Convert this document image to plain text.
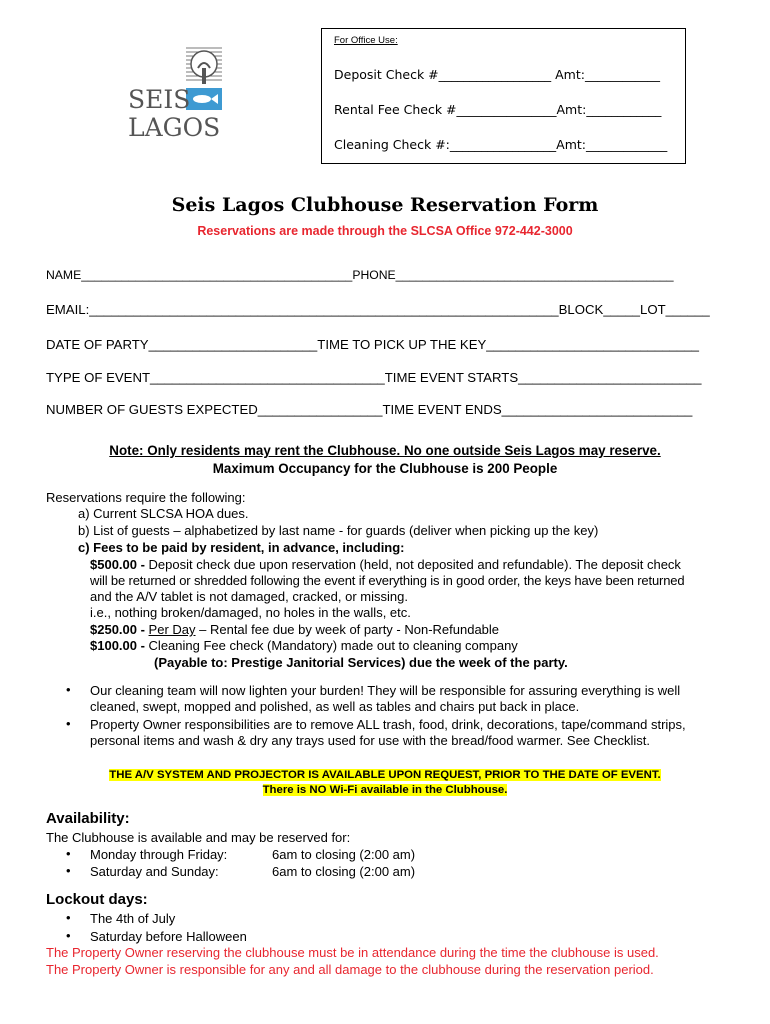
SEIS
LAGOS
For Office Use:
Deposit Check #__________________ Amt:____________
Rental Fee Check #________________Amt:____________
Cleaning Check #:_________________Amt:_____________
Seis Lagos Clubhouse Reservation Form
Reservations are made through the SLCSA Office 972-442-3000
NAME________________________________________PHONE_________________________________________
EMAIL:________________________________________________________________BLOCK_____LOT______
DATE OF PARTY_______________________TIME TO PICK UP THE KEY_____________________________
TYPE OF EVENT________________________________TIME EVENT STARTS_________________________
NUMBER OF GUESTS EXPECTED_________________TIME EVENT ENDS__________________________
Note: Only residents may rent the Clubhouse. No one outside Seis Lagos may reserve.
Maximum Occupancy for the Clubhouse is 200 People
Reservations require the following:
a) Current SLCSA HOA dues.
b) List of guests – alphabetized by last name - for guards (deliver when picking up the key)
c) Fees to be paid by resident, in advance, including:
$500.00 - Deposit check due upon reservation (held, not deposited and refundable). The deposit check
will be returned or shredded following the event if everything is in good order, the keys have been returned
and the A/V tablet is not damaged, cracked, or missing.
i.e., nothing broken/damaged, no holes in the walls, etc.
$250.00 - Per Day – Rental fee due by week of party - Non-Refundable
$100.00 - Cleaning Fee check (Mandatory) made out to cleaning company
(Payable to: Prestige Janitorial Services) due the week of the party.
• Our cleaning team will now lighten your burden! They will be responsible for assuring everything is well
cleaned, swept, mopped and polished, as well as tables and chairs put back in place.
• Property Owner responsibilities are to remove ALL trash, food, drink, decorations, tape/command strips,
personal items and wash & dry any trays used for use with the bread/food warmer. See Checklist.
THE A/V SYSTEM AND PROJECTOR IS AVAILABLE UPON REQUEST, PRIOR TO THE DATE OF EVENT.
There is NO Wi-Fi available in the Clubhouse.
Availability:
The Clubhouse is available and may be reserved for:
• Monday through Friday:	6am to closing (2:00 am)
• Saturday and Sunday:	6am to closing (2:00 am)
Lockout days:
• The 4th of July
• Saturday before Halloween
The Property Owner reserving the clubhouse must be in attendance during the time the clubhouse is used.
The Property Owner is responsible for any and all damage to the clubhouse during the reservation period.
